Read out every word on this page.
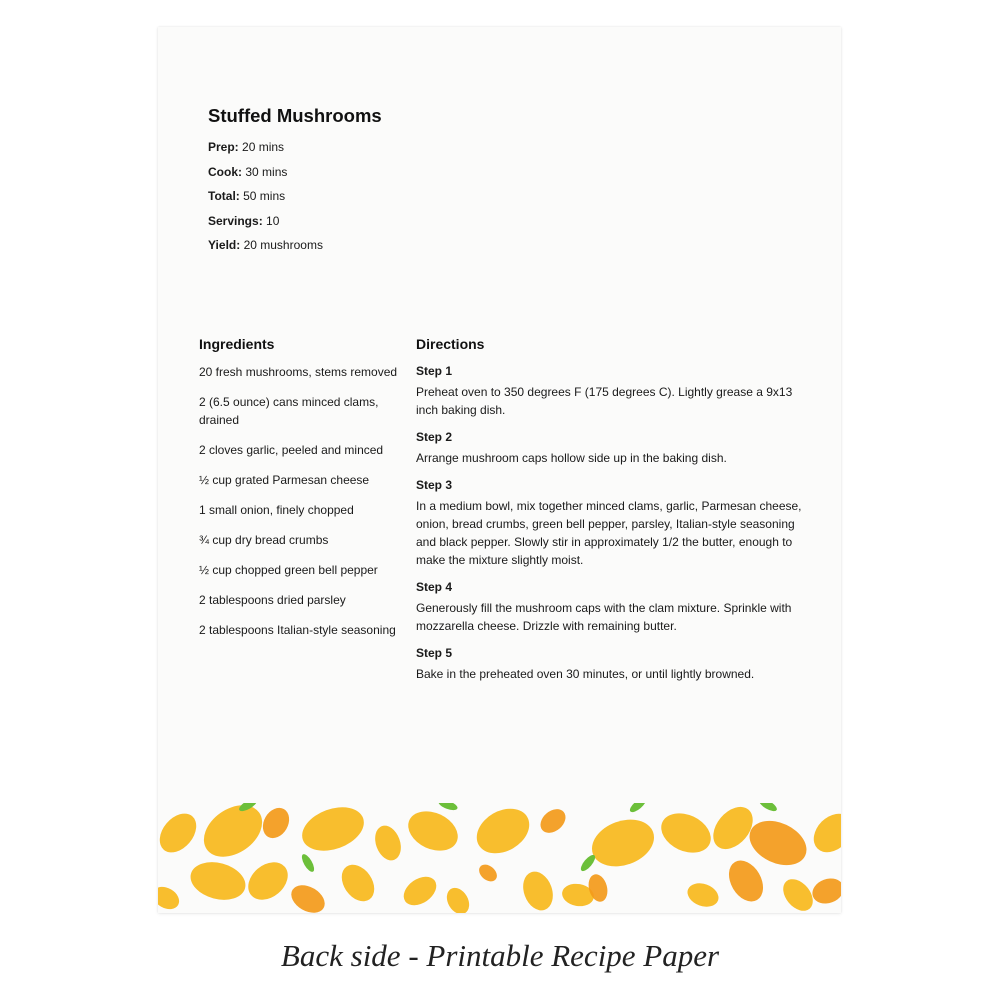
Stuffed Mushrooms
Prep: 20 mins
Cook: 30 mins
Total: 50 mins
Servings: 10
Yield: 20 mushrooms
Ingredients
20 fresh mushrooms, stems removed
2 (6.5 ounce) cans minced clams, drained
2 cloves garlic, peeled and minced
½ cup grated Parmesan cheese
1 small onion, finely chopped
¾ cup dry bread crumbs
½ cup chopped green bell pepper
2 tablespoons dried parsley
2 tablespoons Italian-style seasoning
Directions
Step 1

Preheat oven to 350 degrees F (175 degrees C). Lightly grease a 9x13 inch baking dish.

Step 2

Arrange mushroom caps hollow side up in the baking dish.

Step 3

In a medium bowl, mix together minced clams, garlic, Parmesan cheese, onion, bread crumbs, green bell pepper, parsley, Italian-style seasoning and black pepper. Slowly stir in approximately 1/2 the butter, enough to make the mixture slightly moist.

Step 4

Generously fill the mushroom caps with the clam mixture. Sprinkle with mozzarella cheese. Drizzle with remaining butter.

Step 5

Bake in the preheated oven 30 minutes, or until lightly browned.

Back side - Printable Recipe Paper
